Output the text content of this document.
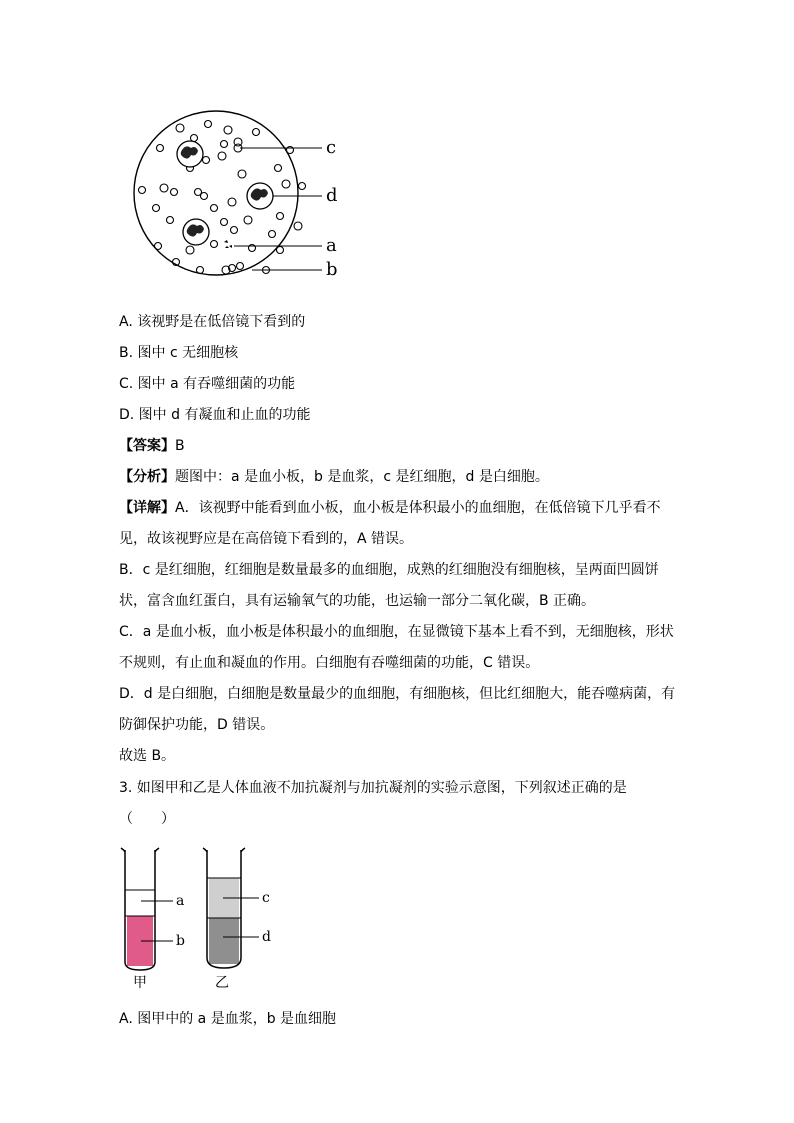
c
d
a
b
A. 该视野是在低倍镜下看到的
B. 图中 c 无细胞核
C. 图中 a 有吞噬细菌的功能
D. 图中 d 有凝血和止血的功能
【答案】B
【分析】题图中：a 是血小板，b 是血浆，c 是红细胞，d 是白细胞。
【详解】A．该视野中能看到血小板，血小板是体积最小的血细胞，在低倍镜下几乎看不
见，故该视野应是在高倍镜下看到的，A 错误。
B．c 是红细胞，红细胞是数量最多的血细胞，成熟的红细胞没有细胞核，呈两面凹圆饼
状，富含血红蛋白，具有运输氧气的功能，也运输一部分二氧化碳，B 正确。
C．a 是血小板，血小板是体积最小的血细胞，在显微镜下基本上看不到，无细胞核，形状
不规则，有止血和凝血的作用。白细胞有吞噬细菌的功能，C 错误。
D．d 是白细胞，白细胞是数量最少的血细胞，有细胞核，但比红细胞大，能吞噬病菌，有
防御保护功能，D 错误。
故选 B。
3. 如图甲和乙是人体血液不加抗凝剂与加抗凝剂的实验示意图，下列叙述正确的是
（　　）
a
b
c
d
甲	乙
A. 图甲中的 a 是血浆，b 是血细胞
